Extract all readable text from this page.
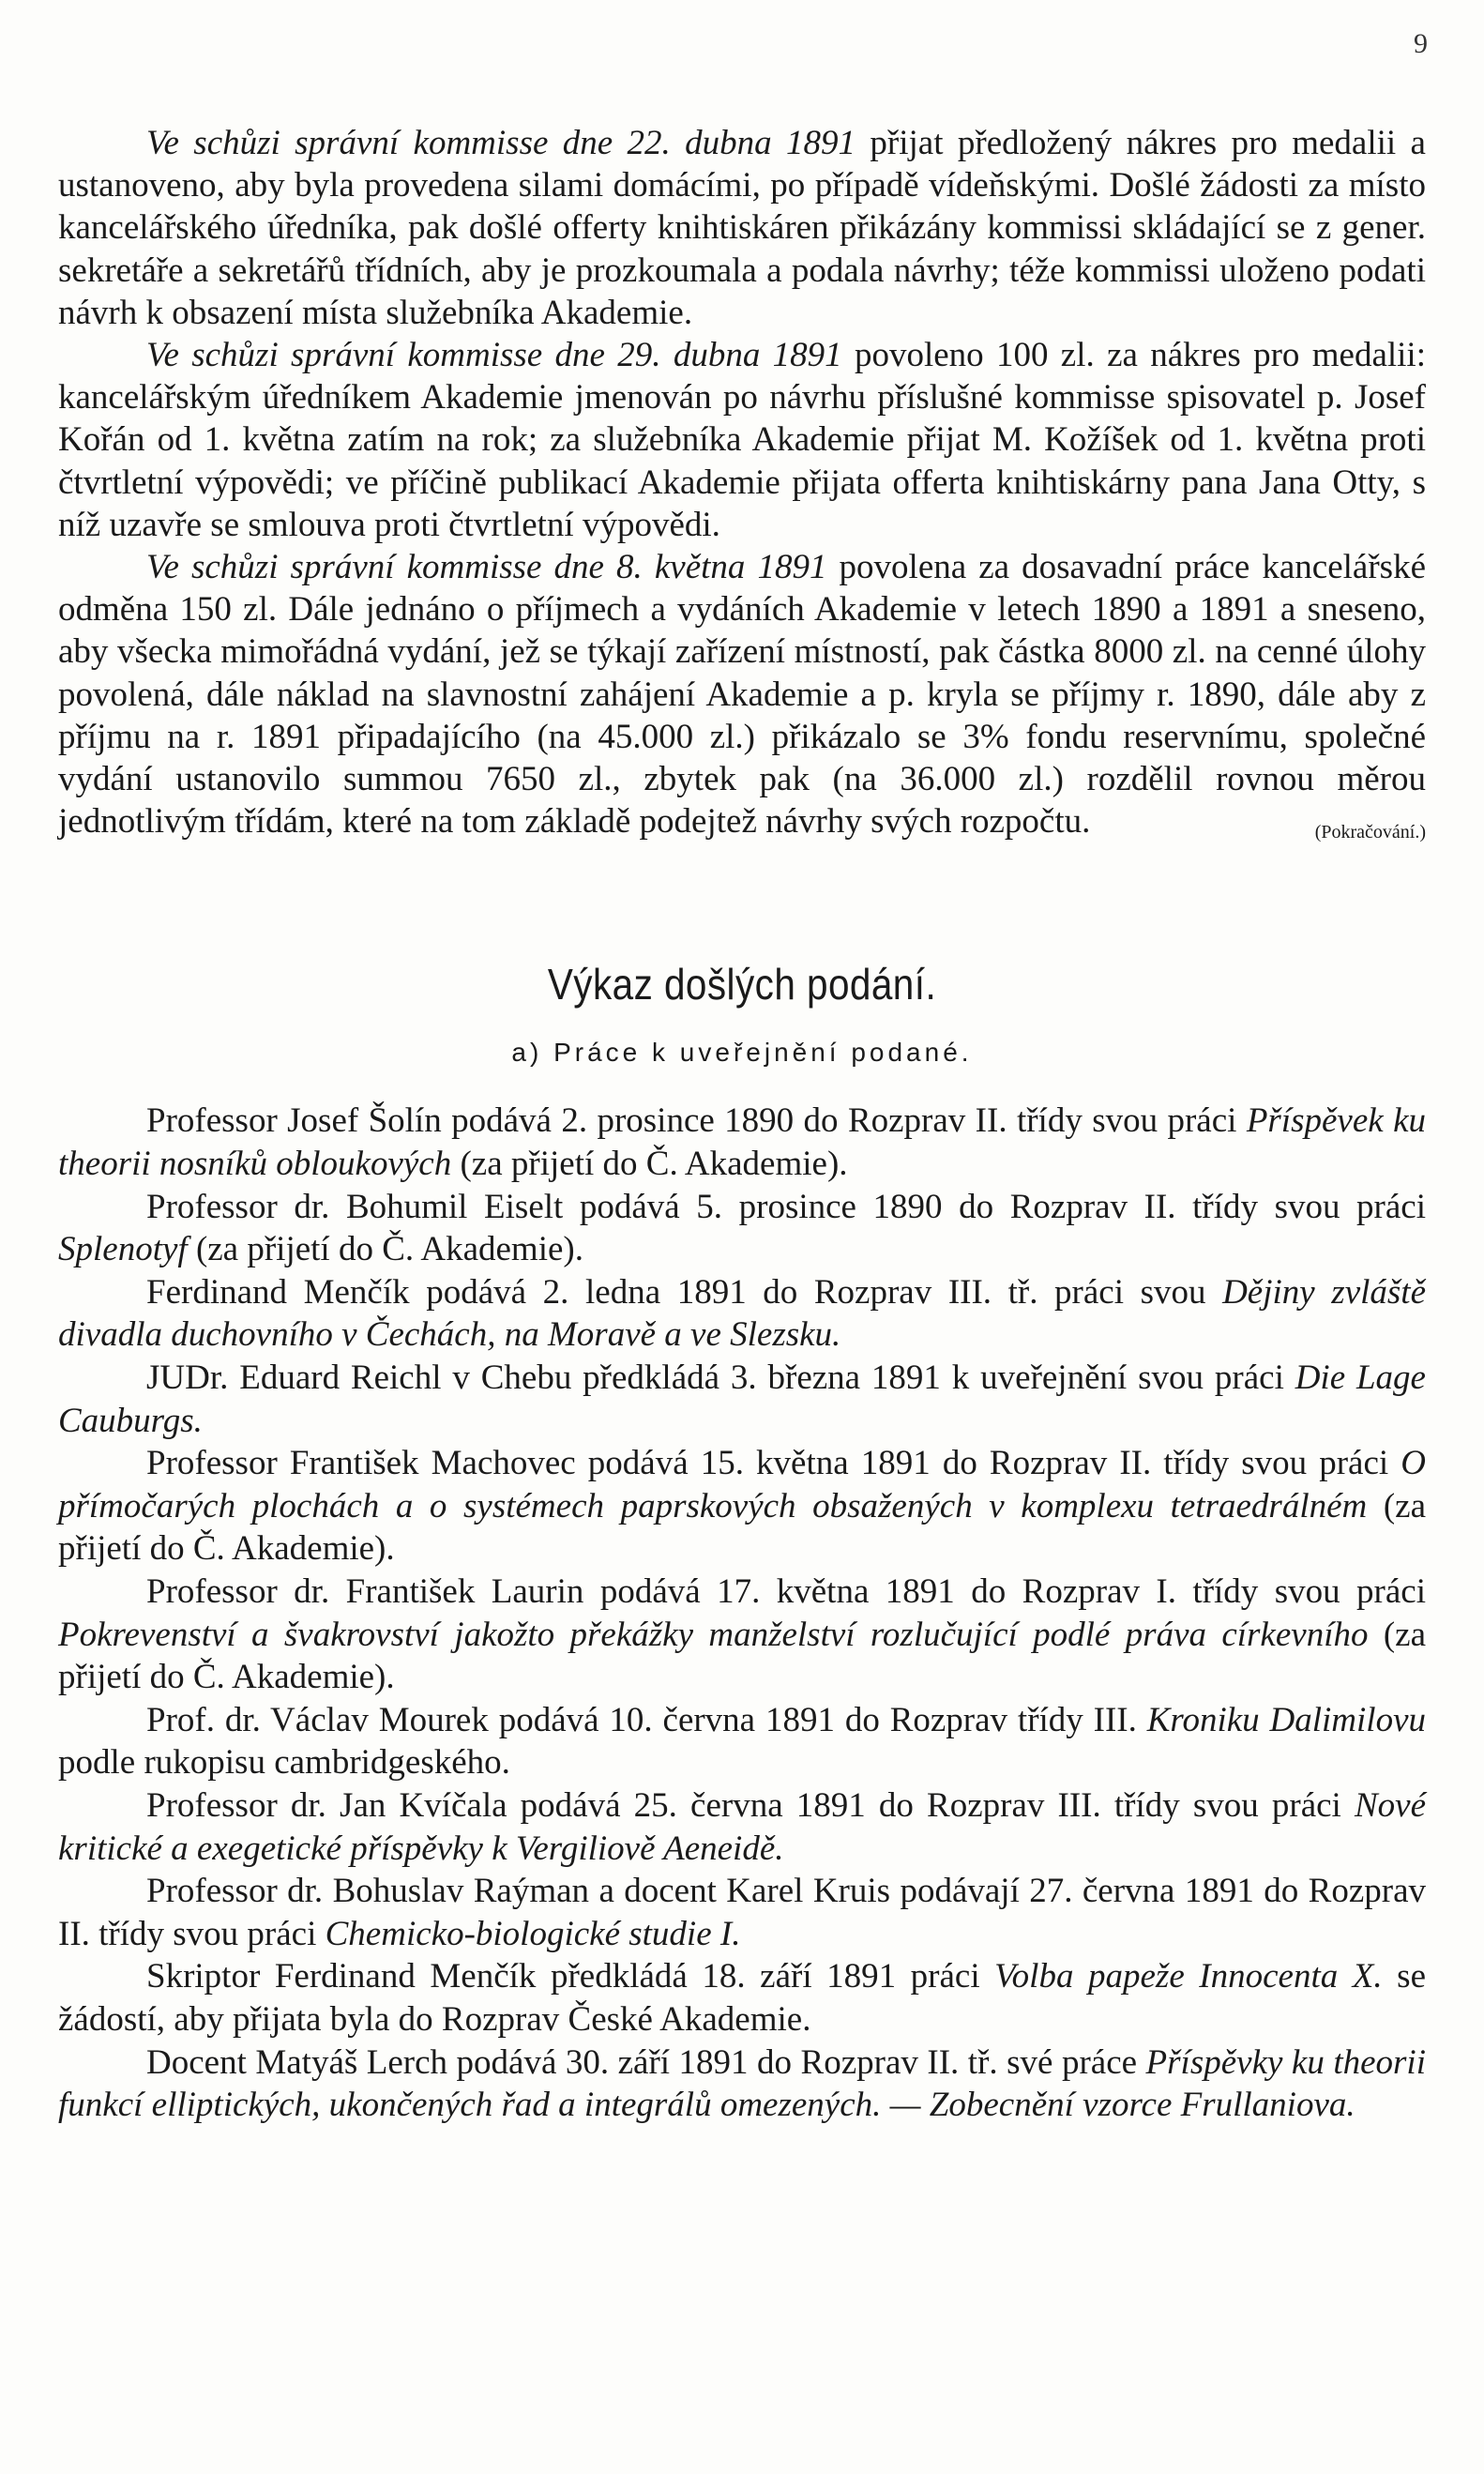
9

Ve schůzi správní kommisse dne 22. dubna 1891 přijat předložený nákres pro medalii a ustanoveno, aby byla provedena silami domácími, po případě vídeňskými. Došlé žádosti za místo kancelářského úředníka, pak došlé offerty knihtiskáren přikázány kommissi skládající se z gener. sekretáře a sekretářů třídních, aby je prozkoumala a podala návrhy; téže kommissi uloženo podati návrh k obsazení místa služebníka Akademie.

Ve schůzi správní kommisse dne 29. dubna 1891 povoleno 100 zl. za nákres pro medalii: kancelářským úředníkem Akademie jmenován po návrhu příslušné kommisse spisovatel p. Josef Kořán od 1. května zatím na rok; za služebníka Akademie přijat M. Kožíšek od 1. května proti čtvrtletní výpovědi; ve příčině publikací Akademie přijata offerta knihtiskárny pana Jana Otty, s níž uzavře se smlouva proti čtvrtletní výpovědi.

Ve schůzi správní kommisse dne 8. května 1891 povolena za dosavadní práce kancelářské odměna 150 zl. Dále jednáno o příjmech a vydáních Akademie v letech 1890 a 1891 a sneseno, aby všecka mimořádná vydání, jež se týkají zařízení místností, pak částka 8000 zl. na cenné úlohy povolená, dále náklad na slavnostní zahájení Akademie a p. kryla se příjmy r. 1890, dále aby z příjmu na r. 1891 připadajícího (na 45.000 zl.) přikázalo se 3% fondu reservnímu, společné vydání ustanovilo summou 7650 zl., zbytek pak (na 36.000 zl.) rozdělil rovnou měrou jednotlivým třídám, které na tom základě podejtež návrhy svých rozpočtu.	(Pokračování.)

Výkaz došlých podání.
a) Práce k uveřejnění podané.

Professor Josef Šolín podává 2. prosince 1890 do Rozprav II. třídy svou práci Příspěvek ku theorii nosníků obloukových (za přijetí do Č. Akademie).

Professor dr. Bohumil Eiselt podává 5. prosince 1890 do Rozprav II. třídy svou práci Splenotyf (za přijetí do Č. Akademie).

Ferdinand Menčík podává 2. ledna 1891 do Rozprav III. tř. práci svou Dějiny zvláště divadla duchovního v Čechách, na Moravě a ve Slezsku.

JUDr. Eduard Reichl v Chebu předkládá 3. března 1891 k uveřejnění svou práci Die Lage Cauburgs.

Professor František Machovec podává 15. května 1891 do Rozprav II. třídy svou práci O přímočarých plochách a o systémech paprskových obsažených v komplexu tetraedrálném (za přijetí do Č. Akademie).

Professor dr. František Laurin podává 17. května 1891 do Rozprav I. třídy svou práci Pokrevenství a švakrovství jakožto překážky manželství rozlučující podlé práva církevního (za přijetí do Č. Akademie).

Prof. dr. Václav Mourek podává 10. června 1891 do Rozprav třídy III. Kroniku Dalimilovu podle rukopisu cambridgeského.

Professor dr. Jan Kvíčala podává 25. června 1891 do Rozprav III. třídy svou práci Nové kritické a exegetické příspěvky k Vergiliově Aeneidě.

Professor dr. Bohuslav Raýman a docent Karel Kruis podávají 27. června 1891 do Rozprav II. třídy svou práci Chemicko-biologické studie I.

Skriptor Ferdinand Menčík předkládá 18. září 1891 práci Volba papeže Innocenta X. se žádostí, aby přijata byla do Rozprav České Akademie.

Docent Matyáš Lerch podává 30. září 1891 do Rozprav II. tř. své práce Příspěvky ku theorii funkcí elliptických, ukončených řad a integrálů omezených. — Zobecnění vzorce Frullaniova.
